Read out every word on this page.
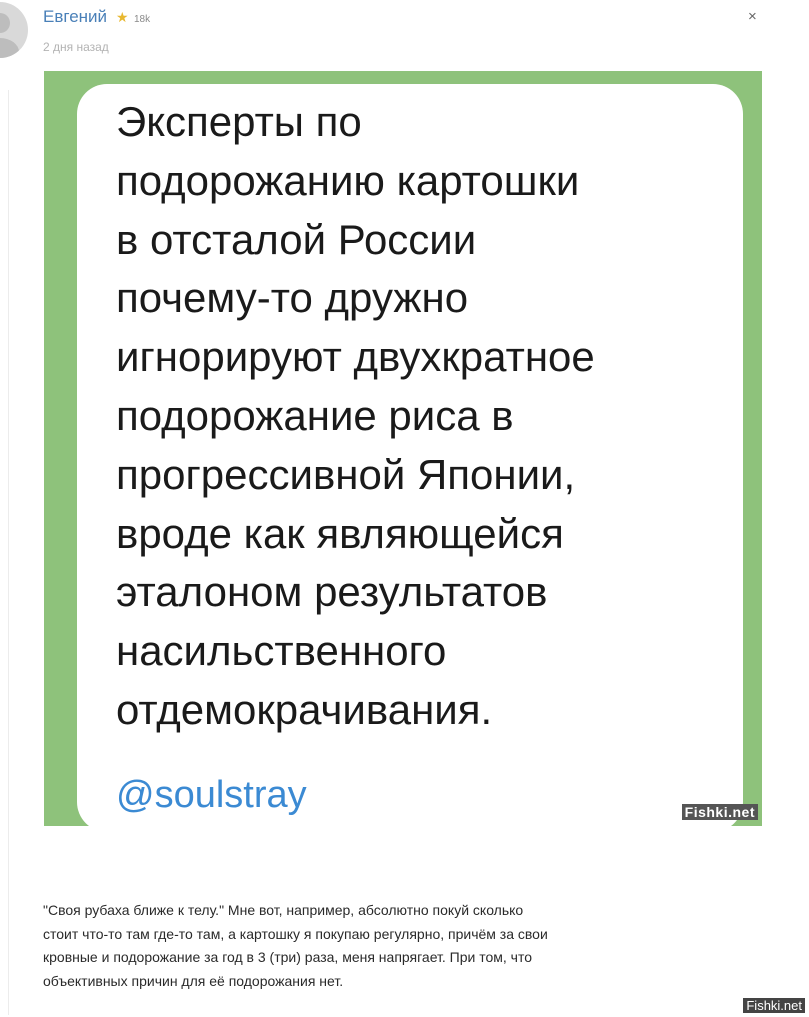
Евгений ★ 18k
2 дня назад
×

Эксперты по
подорожанию картошки
в отсталой России
почему-то дружно
игнорируют двухкратное
подорожание риса в
прогрессивной Японии,
вроде как являющейся
эталоном результатов
насильственного
отдемокрачивания.

@soulstray	Fishki.net

"Своя рубаха ближе к телу." Мне вот, например, абсолютно покуй сколько
стоит что-то там где-то там, а картошку я покупаю регулярно, причём за свои
кровные и подорожание за год в 3 (три) раза, меня напрягает. При том, что
объективных причин для её подорожания нет.

Fishki.net
